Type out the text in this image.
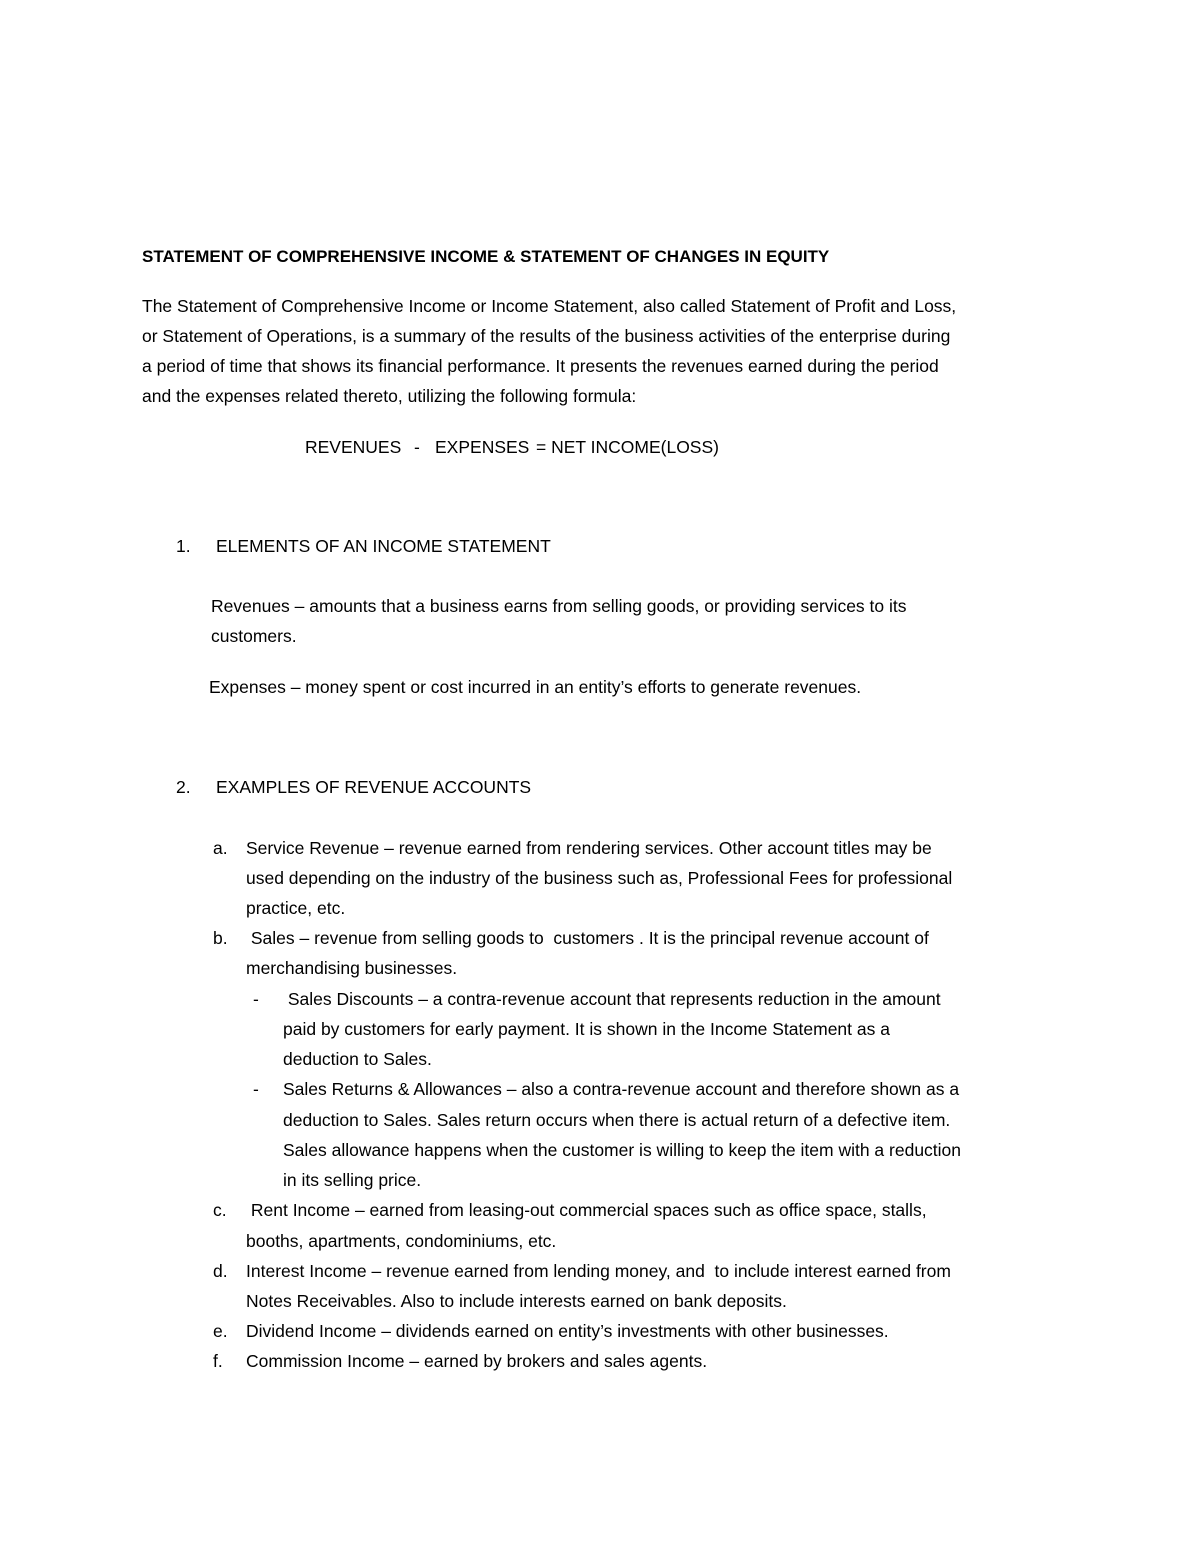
STATEMENT OF COMPREHENSIVE INCOME & STATEMENT OF CHANGES IN EQUITY
The Statement of Comprehensive Income or Income Statement, also called Statement of Profit and Loss,
or Statement of Operations, is a summary of the results of the business activities of the enterprise during
a period of time that shows its financial performance. It presents the revenues earned during the period
and the expenses related thereto, utilizing the following formula:
REVENUES - EXPENSES = NET INCOME(LOSS)
1. ELEMENTS OF AN INCOME STATEMENT
Revenues – amounts that a business earns from selling goods, or providing services to its
customers.
Expenses – money spent or cost incurred in an entity’s efforts to generate revenues.
2. EXAMPLES OF REVENUE ACCOUNTS
a. Service Revenue – revenue earned from rendering services. Other account titles may be
used depending on the industry of the business such as, Professional Fees for professional
practice, etc.
b. Sales – revenue from selling goods to  customers . It is the principal revenue account of
merchandising businesses.
- Sales Discounts – a contra-revenue account that represents reduction in the amount
paid by customers for early payment. It is shown in the Income Statement as a
deduction to Sales.
- Sales Returns & Allowances – also a contra-revenue account and therefore shown as a
deduction to Sales. Sales return occurs when there is actual return of a defective item.
Sales allowance happens when the customer is willing to keep the item with a reduction
in its selling price.
c. Rent Income – earned from leasing-out commercial spaces such as office space, stalls,
booths, apartments, condominiums, etc.
d. Interest Income – revenue earned from lending money, and  to include interest earned from
Notes Receivables. Also to include interests earned on bank deposits.
e. Dividend Income – dividends earned on entity’s investments with other businesses.
f. Commission Income – earned by brokers and sales agents.
